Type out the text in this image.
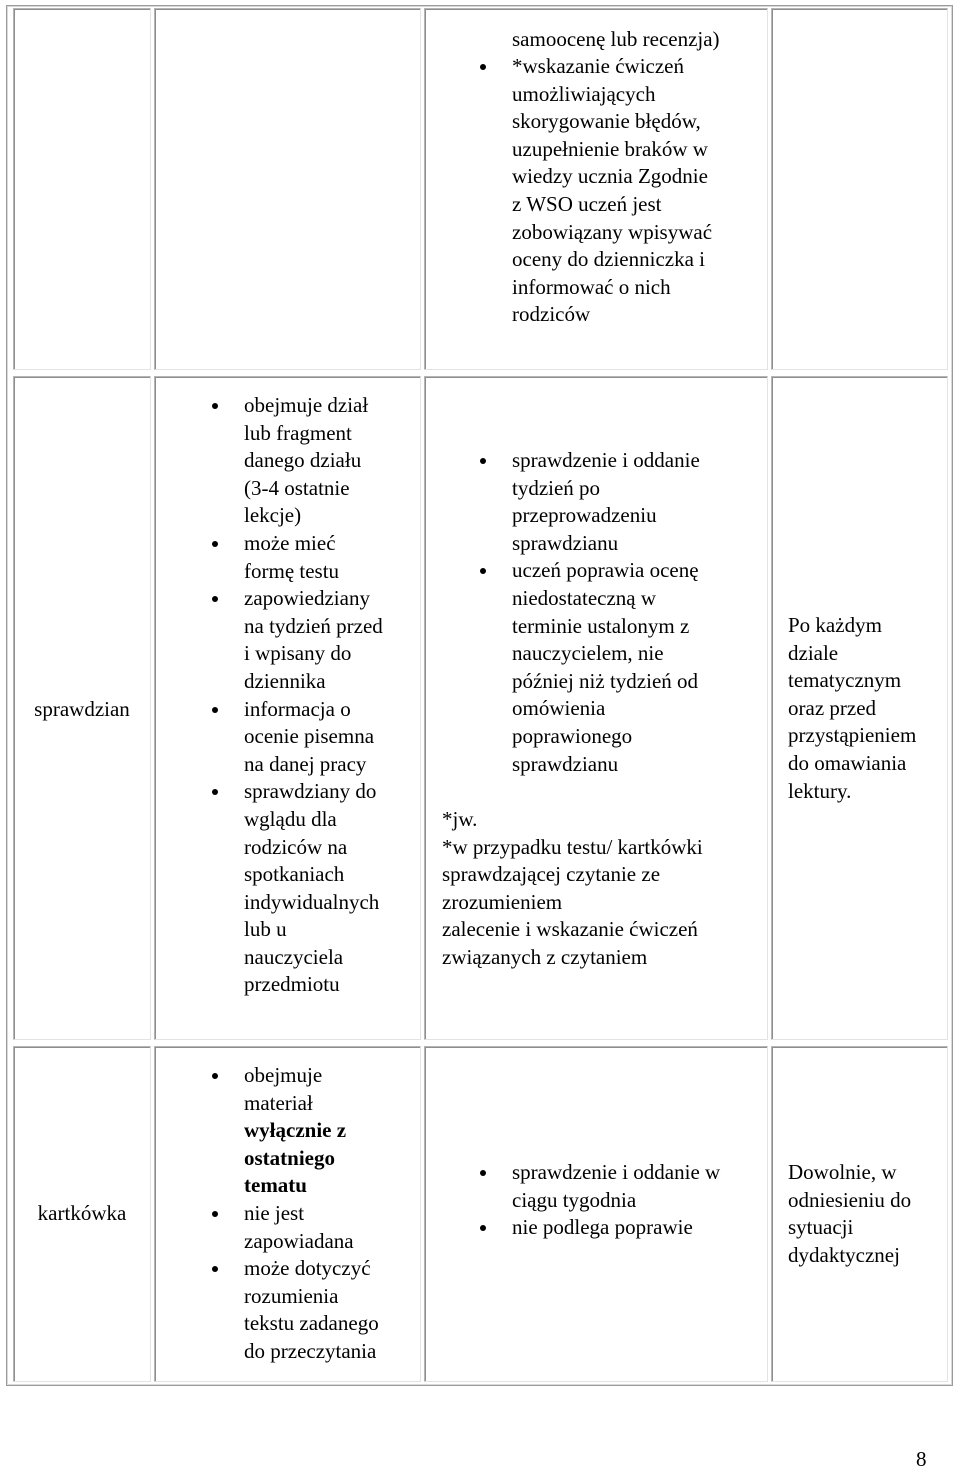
samoocenę lub recenzja)
*wskazanie ćwiczeń
umożliwiających
skorygowanie błędów,
uzupełnienie braków w
wiedzy ucznia Zgodnie
z WSO uczeń jest
zobowiązany wpisywać
oceny do dzienniczka i
informować o nich
rodziców
sprawdzian
obejmuje dział
lub fragment
danego działu
(3-4 ostatnie
lekcje)
może mieć
formę testu
zapowiedziany
na tydzień przed
i wpisany do
dziennika
informacja o
ocenie pisemna
na danej pracy
sprawdziany do
wglądu dla
rodziców na
spotkaniach
indywidualnych
lub u
nauczyciela
przedmiotu
sprawdzenie i oddanie
tydzień po
przeprowadzeniu
sprawdzianu
uczeń poprawia ocenę
niedostateczną w
terminie ustalonym z
nauczycielem, nie
później niż tydzień od
omówienia
poprawionego
sprawdzianu
*jw.
*w przypadku testu/ kartkówki
sprawdzającej czytanie ze
zrozumieniem
zalecenie i wskazanie ćwiczeń
związanych z czytaniem
Po każdym
dziale
tematycznym
oraz przed
przystąpieniem
do omawiania
lektury.
kartkówka
obejmuje
materiał
wyłącznie z
ostatniego
tematu
nie jest
zapowiadana
może dotyczyć
rozumienia
tekstu zadanego
do przeczytania
sprawdzenie i oddanie w
ciągu tygodnia
nie podlega poprawie
Dowolnie, w
odniesieniu do
sytuacji
dydaktycznej
8
